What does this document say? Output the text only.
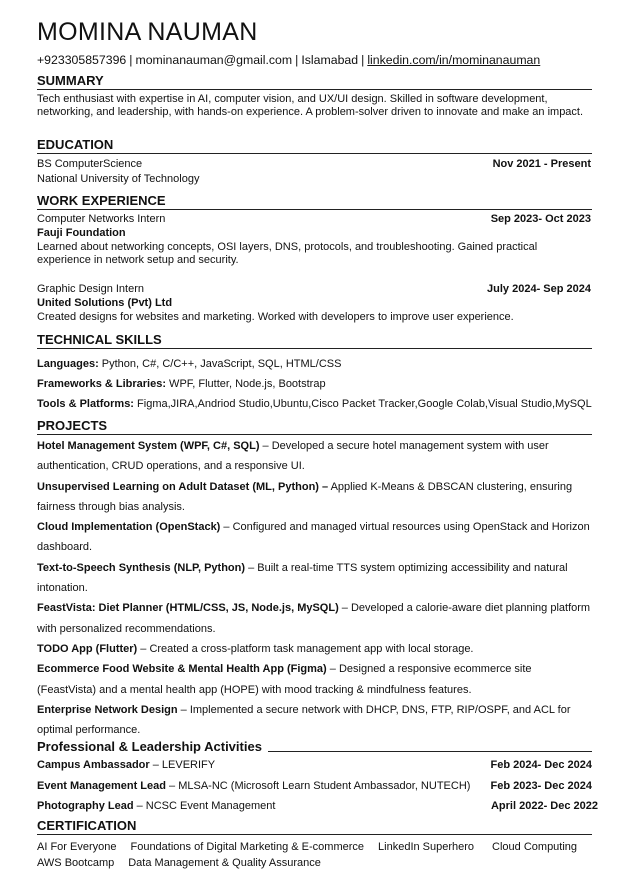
MOMINA NAUMAN
+923305857396 | mominanauman@gmail.com | Islamabad | linkedin.com/in/mominanauman
SUMMARY
Tech enthusiast with expertise in AI, computer vision, and UX/UI design. Skilled in software development, networking, and leadership, with hands-on experience. A problem-solver driven to innovate and make an impact.
EDUCATION
BS ComputerScience	Nov 2021 - Present
National University of Technology
WORK EXPERIENCE
Computer Networks Intern	Sep 2023- Oct 2023
Fauji Foundation
Learned about networking concepts, OSI layers, DNS, protocols, and troubleshooting. Gained practical experience in network setup and security.
Graphic Design Intern	July 2024- Sep 2024
United Solutions (Pvt) Ltd
Created designs for websites and marketing. Worked with developers to improve user experience.
TECHNICAL SKILLS
Languages: Python, C#, C/C++, JavaScript, SQL, HTML/CSS
Frameworks & Libraries: WPF, Flutter, Node.js, Bootstrap
Tools & Platforms: Figma,JIRA,Andriod Studio,Ubuntu,Cisco Packet Tracker,Google Colab,Visual Studio,MySQL
PROJECTS
Hotel Management System (WPF, C#, SQL) – Developed a secure hotel management system with user authentication, CRUD operations, and a responsive UI.
Unsupervised Learning on Adult Dataset (ML, Python) – Applied K-Means & DBSCAN clustering, ensuring fairness through bias analysis.
Cloud Implementation (OpenStack) – Configured and managed virtual resources using OpenStack and Horizon dashboard.
Text-to-Speech Synthesis (NLP, Python) – Built a real-time TTS system optimizing accessibility and natural intonation.
FeastVista: Diet Planner (HTML/CSS, JS, Node.js, MySQL) – Developed a calorie-aware diet planning platform with personalized recommendations.
TODO App (Flutter) – Created a cross-platform task management app with local storage.
Ecommerce Food Website & Mental Health App (Figma) – Designed a responsive ecommerce site (FeastVista) and a mental health app (HOPE) with mood tracking & mindfulness features.
Enterprise Network Design – Implemented a secure network with DHCP, DNS, FTP, RIP/OSPF, and ACL for optimal performance.
Professional & Leadership Activities
Campus Ambassador – LEVERIFY	Feb 2024- Dec 2024
Event Management Lead – MLSA-NC (Microsoft Learn Student Ambassador, NUTECH) Feb 2023- Dec 2024
Photography Lead – NCSC Event Management	April 2022- Dec 2022
CERTIFICATION
AI For Everyone Foundations of Digital Marketing & E-commerce LinkedIn Superhero Cloud Computing
AWS Bootcamp Data Management & Quality Assurance
